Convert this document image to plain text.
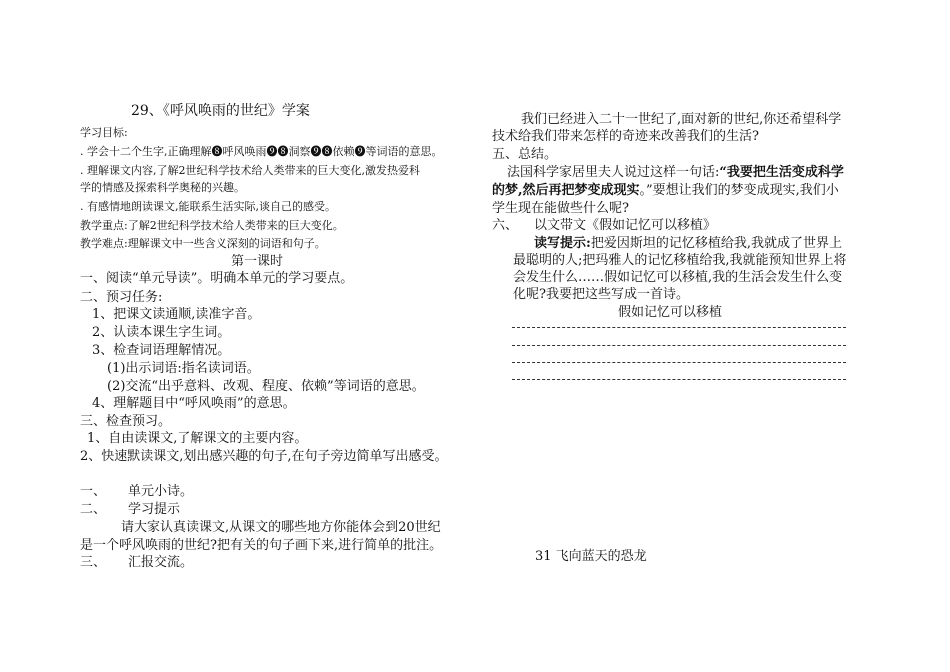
29、《呼风唤雨的世纪》学案
学习目标:
. 学会十二个生字,正确理解❽呼风唤雨❾❽洞察❾❽依赖❾等词语的意思。
. 理解课文内容,了解2世纪科学技术给人类带来的巨大变化,激发热爱科
学的情感及探索科学奥秘的兴趣。
. 有感情地朗读课文,能联系生活实际,谈自己的感受。
教学重点:了解2世纪科学技术给人类带来的巨大变化。
教学难点:理解课文中一些含义深刻的词语和句子。
第一课时
一、阅读“单元导读”。明确本单元的学习要点。
二、预习任务:
1、把课文读通顺,读准字音。
2、认读本课生字生词。
3、检查词语理解情况。
(1)出示词语:指名读词语。
(2)交流“出乎意料、改观、程度、依赖”等词语的意思。
4、理解题目中“呼风唤雨”的意思。
三、检查预习。
1、自由读课文,了解课文的主要内容。
2、快速默读课文,划出感兴趣的句子,在句子旁边简单写出感受。
一、 单元小诗。
二、 学习提示
请大家认真读课文,从课文的哪些地方你能体会到20世纪
是一个呼风唤雨的世纪?把有关的句子画下来,进行简单的批注。
三、 汇报交流。
我们已经进入二十一世纪了,面对新的世纪,你还希望科学
技术给我们带来怎样的奇迹来改善我们的生活?
五、总结。
法国科学家居里夫人说过这样一句话:“我要把生活变成科学
的梦,然后再把梦变成现实。”要想让我们的梦变成现实,我们小
学生现在能做些什么呢?
六、 以文带文《假如记忆可以移植》
读写提示:把爱因斯坦的记忆移植给我,我就成了世界上
最聪明的人;把玛雅人的记忆移植给我,我就能预知世界上将
会发生什么……假如记忆可以移植,我的生活会发生什么变
化呢?我要把这些写成一首诗。
假如记忆可以移植
31 飞向蓝天的恐龙
